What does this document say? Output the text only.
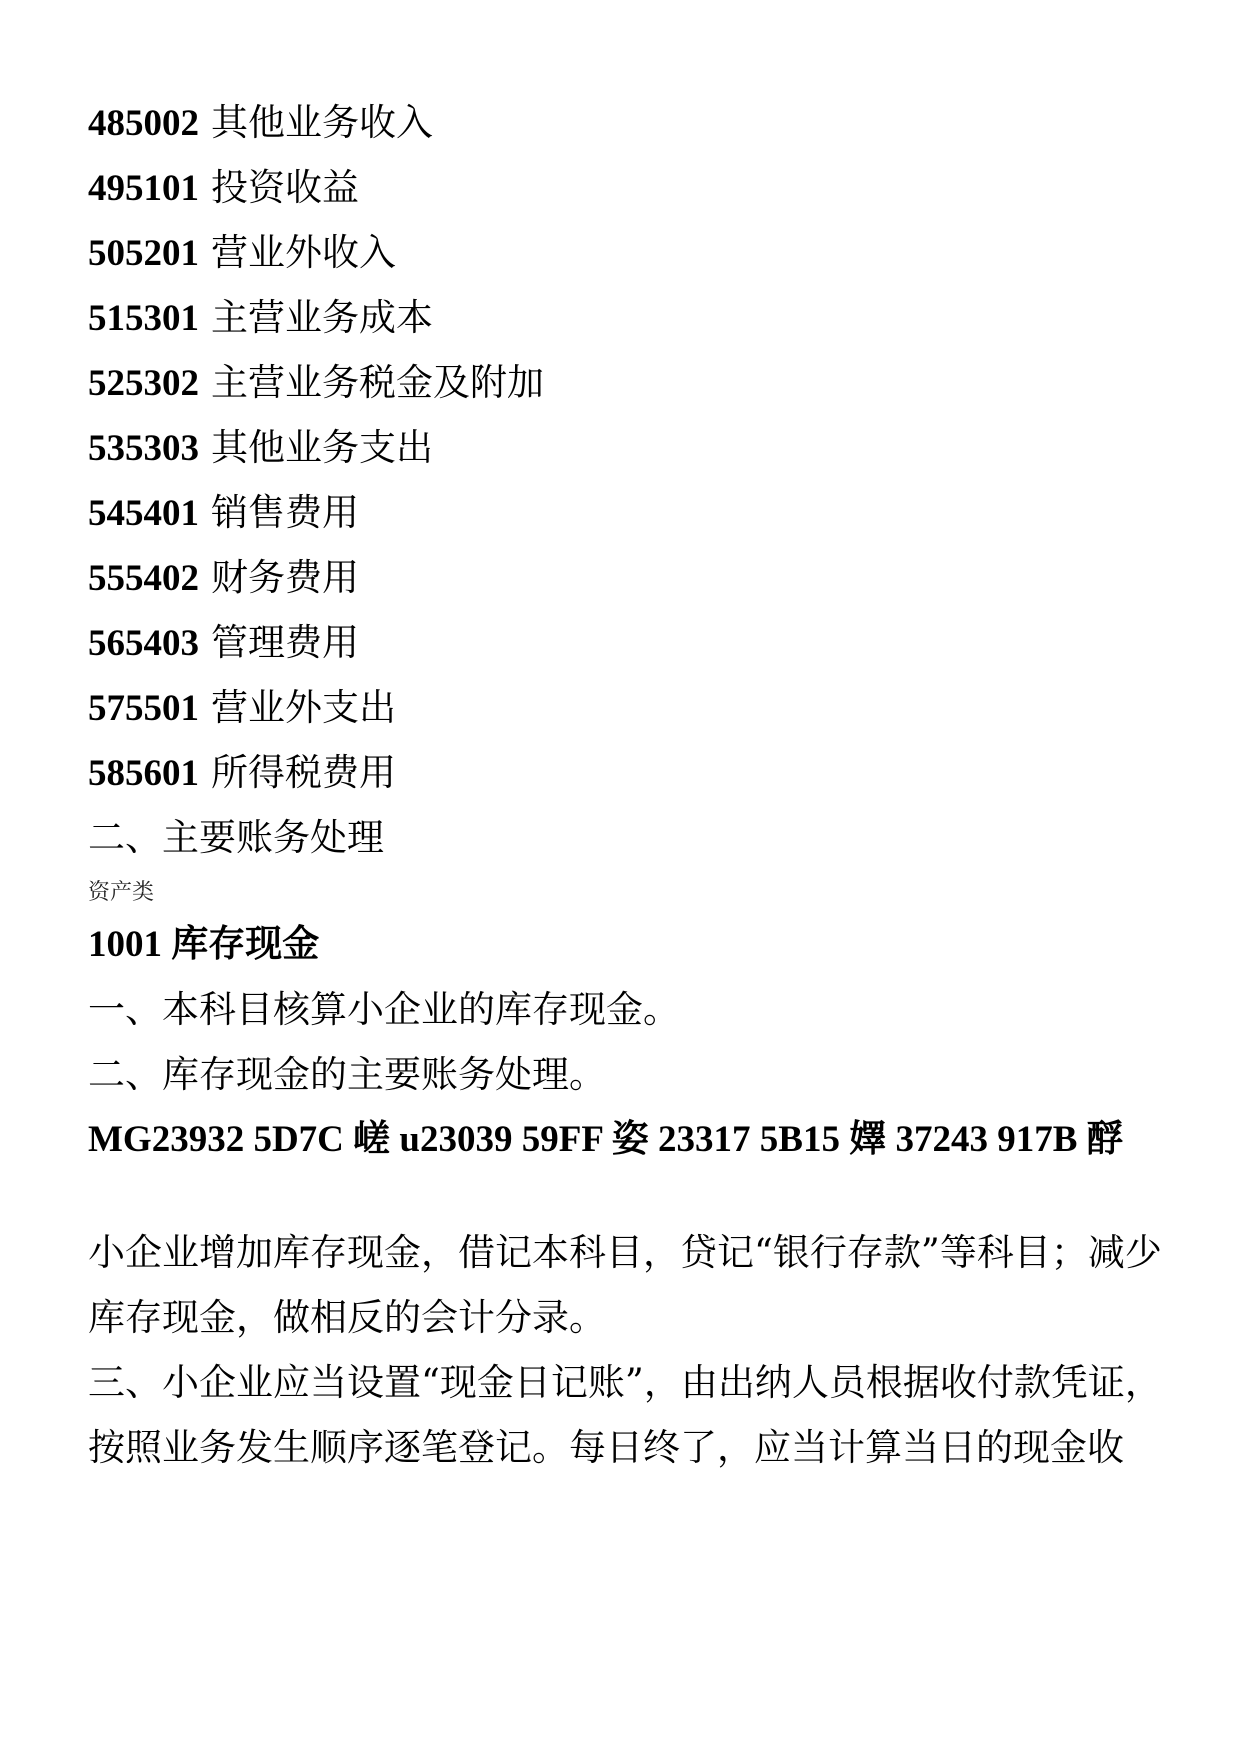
485002 其他业务收入
495101 投资收益
505201 营业外收入
515301 主营业务成本
525302 主营业务税金及附加
535303 其他业务支出
545401 销售费用
555402 财务费用
565403 管理费用
575501 营业外支出
585601 所得税费用
二、主要账务处理
资产类
1001 库存现金
一、本科目核算小企业的库存现金。
二、库存现金的主要账务处理。
MG23932 5D7C 嵯 u23039 59FF 姿 23317 5B15 嬕 37243 917B 酻
小企业增加库存现金，借记本科目，贷记“银行存款”等科目；减少库存现金，做相反的会计分录。
三、小企业应当设置“现金日记账”，由出纳人员根据收付款凭证，按照业务发生顺序逐笔登记。每日终了，应当计算当日的现金收
